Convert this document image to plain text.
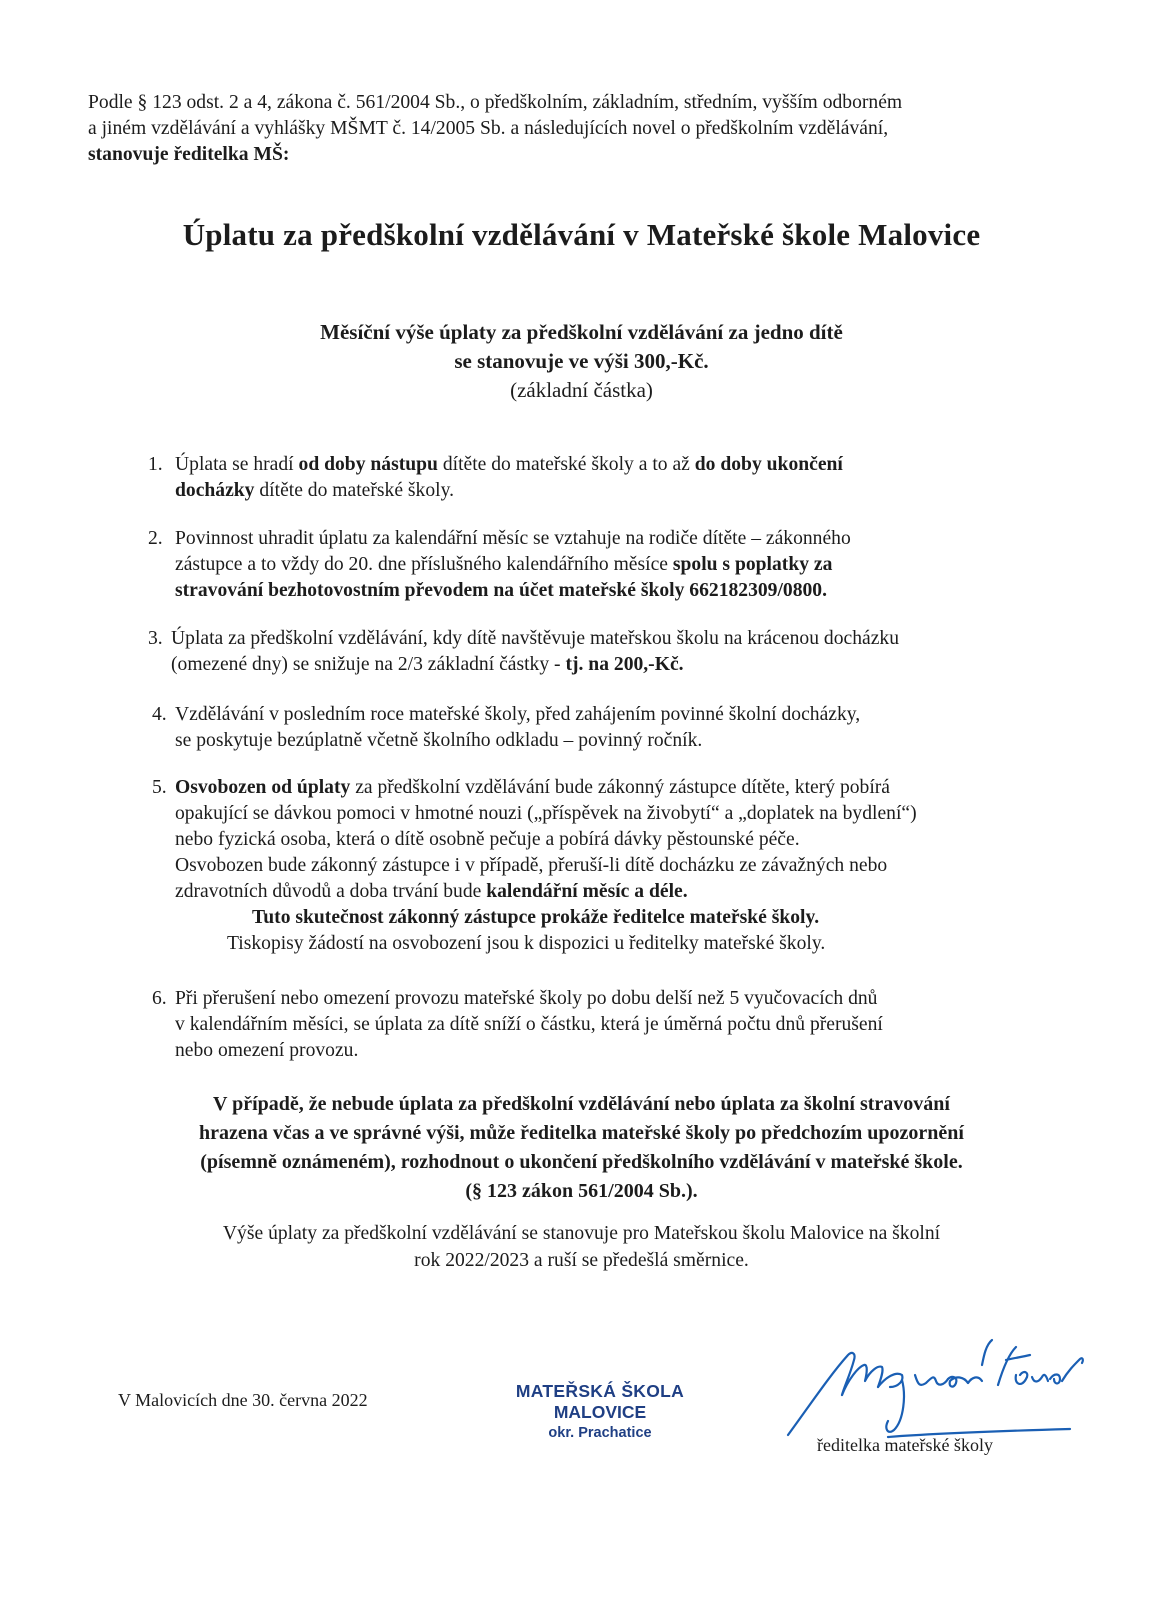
Podle § 123 odst. 2 a 4, zákona č. 561/2004 Sb., o předškolním, základním, středním, vyšším odborném
a jiném vzdělávání a vyhlášky MŠMT č. 14/2005 Sb. a následujících novel o předškolním vzdělávání,
stanovuje ředitelka MŠ:
Úplatu za předškolní vzdělávání v Mateřské škole Malovice
Měsíční výše úplaty za předškolní vzdělávání za jedno dítě
se stanovuje ve výši 300,-Kč.
(základní částka)
1. Úplata se hradí od doby nástupu dítěte do mateřské školy a to až do doby ukončení
docházky dítěte do mateřské školy.
2. Povinnost uhradit úplatu za kalendářní měsíc se vztahuje na rodiče dítěte – zákonného
zástupce a to vždy do 20. dne příslušného kalendářního měsíce spolu s poplatky za
stravování bezhotovostním převodem na účet mateřské školy 662182309/0800.
3. Úplata za předškolní vzdělávání, kdy dítě navštěvuje mateřskou školu na krácenou docházku
(omezené dny) se snižuje na 2/3 základní částky - tj. na 200,-Kč.
4. Vzdělávání v posledním roce mateřské školy, před zahájením povinné školní docházky,
se poskytuje bezúplatně včetně školního odkladu – povinný ročník.
5. Osvobozen od úplaty za předškolní vzdělávání bude zákonný zástupce dítěte, který pobírá
opakující se dávkou pomoci v hmotné nouzi („příspěvek na živobytí“ a „doplatek na bydlení“)
nebo fyzická osoba, která o dítě osobně pečuje a pobírá dávky pěstounské péče.
Osvobozen bude zákonný zástupce i v případě, přeruší-li dítě docházku ze závažných nebo
zdravotních důvodů a doba trvání bude kalendářní měsíc a déle.
Tuto skutečnost zákonný zástupce prokáže ředitelce mateřské školy.
Tiskopisy žádostí na osvobození jsou k dispozici u ředitelky mateřské školy.
6. Při přerušení nebo omezení provozu mateřské školy po dobu delší než 5 vyučovacích dnů
v kalendářním měsíci, se úplata za dítě sníží o částku, která je úměrná počtu dnů přerušení
nebo omezení provozu.
V případě, že nebude úplata za předškolní vzdělávání nebo úplata za školní stravování
hrazena včas a ve správné výši, může ředitelka mateřské školy po předchozím upozornění
(písemně oznámeném), rozhodnout o ukončení předškolního vzdělávání v mateřské škole.
(§ 123 zákon 561/2004 Sb.).
Výše úplaty za předškolní vzdělávání se stanovuje pro Mateřskou školu Malovice na školní
rok 2022/2023 a ruší se předešlá směrnice.
V Malovicích dne 30. června 2022	MATEŘSKÁ ŠKOLA
MALOVICE
okr. Prachatice
ředitelka mateřské školy
